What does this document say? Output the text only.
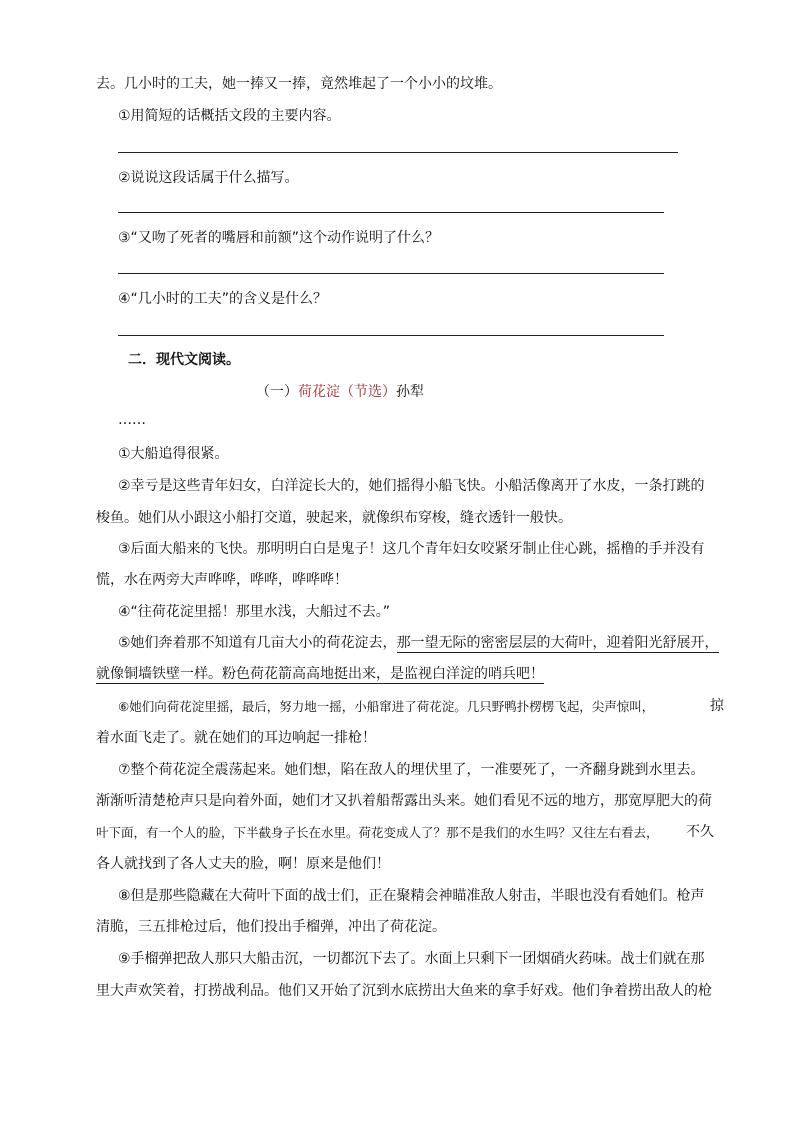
去。几小时的工夫，她一捧又一捧，竟然堆起了一个小小的坟堆。
①用简短的话概括文段的主要内容。
②说说这段话属于什么描写。
③“又吻了死者的嘴唇和前额”这个动作说明了什么？
④“几小时的工夫”的含义是什么？
二．现代文阅读。
（一）荷花淀（节选）孙犁
……
①大船追得很紧。
②幸亏是这些青年妇女，白洋淀长大的，她们摇得小船飞快。小船活像离开了水皮，一条打跳的
梭鱼。她们从小跟这小船打交道，驶起来，就像织布穿梭，缝衣透针一般快。
③后面大船来的飞快。那明明白白是鬼子！这几个青年妇女咬紧牙制止住心跳，摇橹的手并没有
慌，水在两旁大声哗哗，哗哗，哗哗哗！
④“往荷花淀里摇！那里水浅，大船过不去。”
⑤她们奔着那不知道有几亩大小的荷花淀去，那一望无际的密密层层的大荷叶，迎着阳光舒展开，
就像铜墙铁壁一样。粉色荷花箭高高地挺出来，是监视白洋淀的哨兵吧！
⑥她们向荷花淀里摇，最后，努力地一摇，小船窜进了荷花淀。几只野鸭扑楞楞飞起，尖声惊叫，	掠
着水面飞走了。就在她们的耳边响起一排枪！
⑦整个荷花淀全震荡起来。她们想，陷在敌人的埋伏里了，一准要死了，一齐翻身跳到水里去。
渐渐听清楚枪声只是向着外面，她们才又扒着船帮露出头来。她们看见不远的地方，那宽厚肥大的荷
叶下面，有一个人的脸，下半截身子长在水里。荷花变成人了？那不是我们的水生吗？又往左右看去， 不久
各人就找到了各人丈夫的脸，啊！原来是他们！
⑧但是那些隐藏在大荷叶下面的战士们，正在聚精会神瞄准敌人射击，半眼也没有看她们。枪声
清脆，三五排枪过后，他们投出手榴弹，冲出了荷花淀。
⑨手榴弹把敌人那只大船击沉，一切都沉下去了。水面上只剩下一团烟硝火药味。战士们就在那
里大声欢笑着，打捞战利品。他们又开始了沉到水底捞出大鱼来的拿手好戏。他们争着捞出敌人的枪
